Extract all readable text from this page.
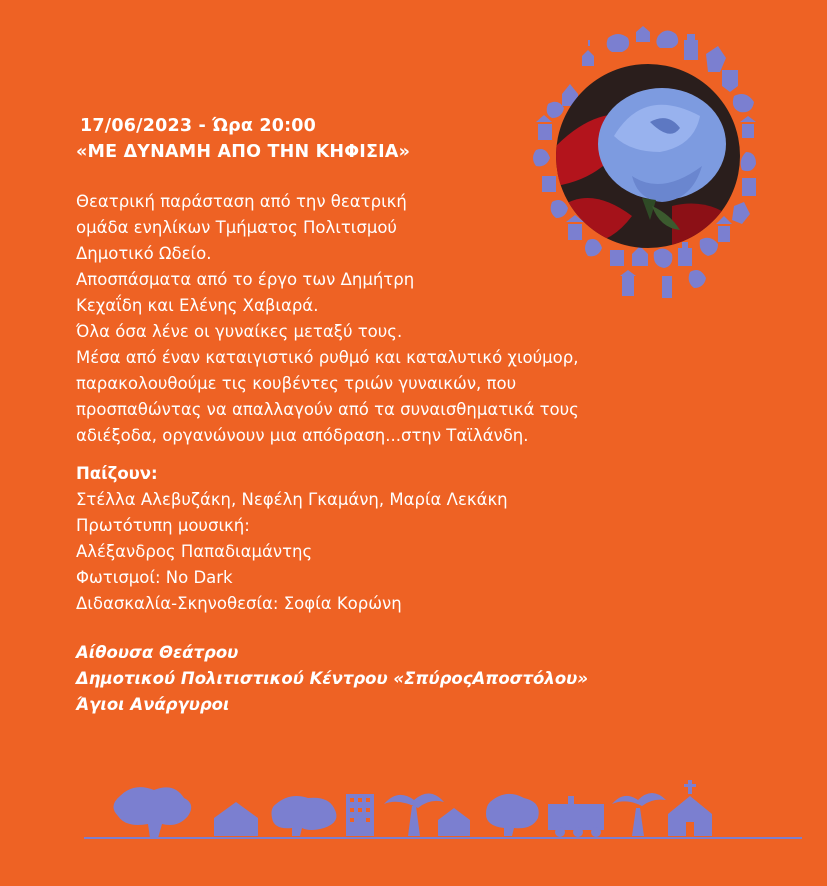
17/06/2023 - Ώρα 20:00
«ΜΕ ΔΥΝΑΜΗ ΑΠΟ ΤΗΝ ΚΗΦΙΣΙΑ»
Θεατρική παράσταση από την θεατρική
ομάδα ενηλίκων Τμήματος Πολιτισμού
Δημοτικό Ωδείο.
Αποσπάσματα από το έργο των Δημήτρη
Κεχαΐδη και Ελένης Χαβιαρά.
Όλα όσα λένε οι γυναίκες μεταξύ τους.
Μέσα από έναν καταιγιστικό ρυθμό και καταλυτικό χιούμορ,
παρακολουθούμε τις κουβέντες τριών γυναικών, που
προσπαθώντας να απαλλαγούν από τα συναισθηματικά τους
αδιέξοδα, οργανώνουν μια απόδραση...στην Ταϊλάνδη.
Παίζουν:
Στέλλα Αλεβυζάκη, Νεφέλη Γκαμάνη, Μαρία Λεκάκη
Πρωτότυπη μουσική:
Αλέξανδρος Παπαδιαμάντης
Φωτισμοί: No Dark
Διδασκαλία-Σκηνοθεσία: Σοφία Κορώνη
Αίθουσα Θεάτρου
Δημοτικού Πολιτιστικού Κέντρου «ΣπύροςΑποστόλου»
Άγιοι Ανάργυροι
